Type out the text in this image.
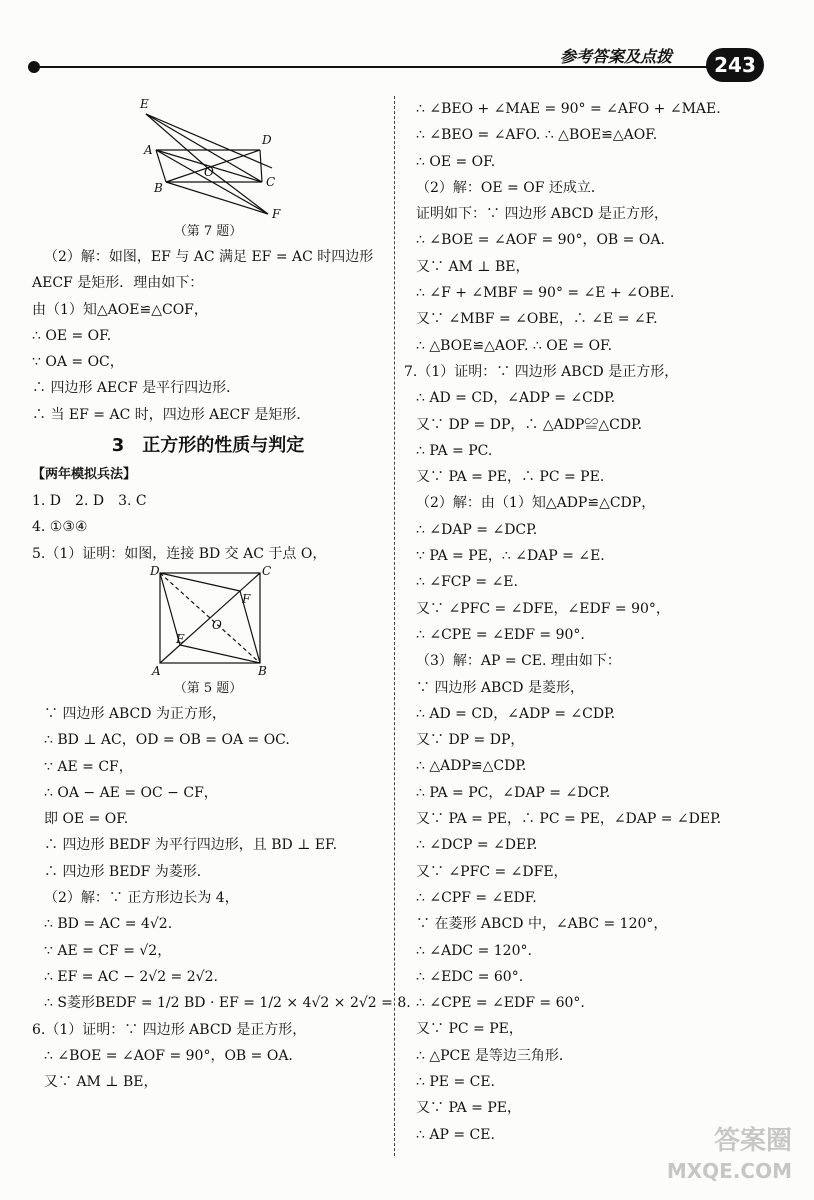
参考答案及点拨	243
E
D
A
O
B	C
F
（第 7 题）
（2）解：如图，EF 与 AC 满足 EF = AC 时四边形
AECF 是矩形．理由如下：
由（1）知△AOE≌△COF，
∴ OE = OF.
∵ OA = OC，
∴ 四边形 AECF 是平行四边形．
∴ 当 EF = AC 时，四边形 AECF 是矩形．
3　正方形的性质与判定
【两年模拟兵法】
1. D　2. D　3. C
4. ①③④
5.（1）证明：如图，连接 BD 交 AC 于点 O，
D	C
F
O
E
A	B
（第 5 题）
∵ 四边形 ABCD 为正方形，
∴ BD ⊥ AC，OD = OB = OA = OC.
∵ AE = CF，
∴ OA − AE = OC − CF，
即 OE = OF.
∴ 四边形 BEDF 为平行四边形，且 BD ⊥ EF.
∴ 四边形 BEDF 为菱形．
（2）解：∵ 正方形边长为 4，
∴ BD = AC = 4√2.
∵ AE = CF = √2，
∴ EF = AC − 2√2 = 2√2.
∴ S菱形BEDF = 1/2 BD · EF = 1/2 × 4√2 × 2√2 = 8.
6.（1）证明：∵ 四边形 ABCD 是正方形，
∴ ∠BOE = ∠AOF = 90°，OB = OA.
又∵ AM ⊥ BE，
∴ ∠BEO + ∠MAE = 90° = ∠AFO + ∠MAE.
∴ ∠BEO = ∠AFO. ∴ △BOE≌△AOF.
∴ OE = OF.
（2）解：OE = OF 还成立．
证明如下：∵ 四边形 ABCD 是正方形，
∴ ∠BOE = ∠AOF = 90°，OB = OA.
又∵ AM ⊥ BE，
∴ ∠F + ∠MBF = 90° = ∠E + ∠OBE.
又∵ ∠MBF = ∠OBE，∴ ∠E = ∠F.
∴ △BOE≌△AOF. ∴ OE = OF.
7.（1）证明：∵ 四边形 ABCD 是正方形，
∴ AD = CD，∠ADP = ∠CDP.
又∵ DP = DP，∴ △ADP≌△CDP.
∴ PA = PC.
又∵ PA = PE，∴ PC = PE.
（2）解：由（1）知△ADP≌△CDP，
∴ ∠DAP = ∠DCP.
∵ PA = PE，∴ ∠DAP = ∠E.
∴ ∠FCP = ∠E.
又∵ ∠PFC = ∠DFE，∠EDF = 90°，
∴ ∠CPE = ∠EDF = 90°.
（3）解：AP = CE. 理由如下：
∵ 四边形 ABCD 是菱形，
∴ AD = CD，∠ADP = ∠CDP.
又∵ DP = DP，
∴ △ADP≌△CDP.
∴ PA = PC，∠DAP = ∠DCP.
又∵ PA = PE，∴ PC = PE，∠DAP = ∠DEP.
∴ ∠DCP = ∠DEP.
又∵ ∠PFC = ∠DFE，
∴ ∠CPF = ∠EDF.
∵ 在菱形 ABCD 中，∠ABC = 120°，
∴ ∠ADC = 120°.
∴ ∠EDC = 60°.
∴ ∠CPE = ∠EDF = 60°.
又∵ PC = PE，
∴ △PCE 是等边三角形．
∴ PE = CE.
又∵ PA = PE，
∴ AP = CE.	答案圈
MXQE.COM
